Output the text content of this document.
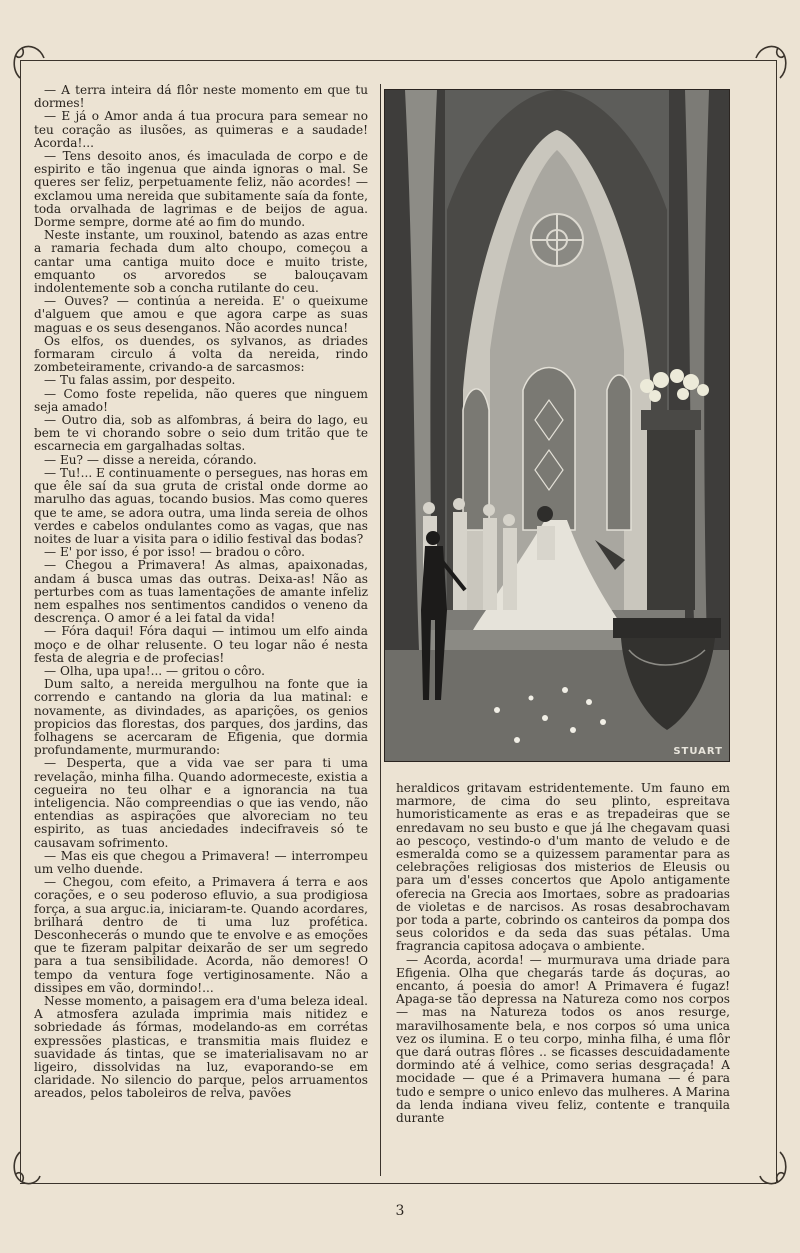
— A terra inteira dá flôr neste momento em que tu dormes!

— E já o Amor anda á tua procura para semear no teu coração as ilusões, as quimeras e a saudade! Acorda!...

— Tens desoito anos, és imaculada de corpo e de espirito e tão ingenua que ainda ignoras o mal. Se queres ser feliz, perpetuamente feliz, não acordes! — exclamou uma nereida que subitamente saía da fonte, toda orvalhada de lagrimas e de beijos de agua. Dorme sempre, dorme até ao fim do mundo.

Neste instante, um rouxinol, batendo as azas entre a ramaria fechada dum alto choupo, começou a cantar uma cantiga muito doce e muito triste, emquanto os arvoredos se balouçavam indolentemente sob a concha rutilante do ceu.

— Ouves? — continúa a nereida. E' o queixume d'alguem que amou e que agora carpe as suas maguas e os seus desenganos. Não acordes nunca!

Os elfos, os duendes, os sylvanos, as driades formaram circulo á volta da nereida, rindo zombeteiramente, crivando-a de sarcasmos:

— Tu falas assim, por despeito.

— Como foste repelida, não queres que ninguem seja amado!

— Outro dia, sob as alfombras, á beira do lago, eu bem te vi chorando sobre o seio dum tritão que te escarnecia em gargalhadas soltas.

— Eu? — disse a nereida, córando.

— Tu!... E continuamente o persegues, nas horas em que êle saí da sua gruta de cristal onde dorme ao marulho das aguas, tocando busios. Mas como queres que te ame, se adora outra, uma linda sereia de olhos verdes e cabelos ondulantes como as vagas, que nas noites de luar a visita para o idilio festival das bodas?

— E' por isso, é por isso! — bradou o côro.

— Chegou a Primavera! As almas, apaixonadas, andam á busca umas das outras. Deixa-as! Não as perturbes com as tuas lamentações de amante infeliz nem espalhes nos sentimentos candidos o veneno da descrença. O amor é a lei fatal da vida!

— Fóra daqui! Fóra daqui — intimou um elfo ainda moço e de olhar relusente. O teu logar não é nesta festa de alegria e de profecias!

— Olha, upa upa!... — gritou o côro.

Dum salto, a nereida mergulhou na fonte que ia correndo e cantando na gloria da lua matinal: e novamente, as divindades, as aparições, os genios propicios das florestas, dos parques, dos jardins, das folhagens se acercaram de Efigenia, que dormia profundamente, murmurando:

— Desperta, que a vida vae ser para ti uma revelação, minha filha. Quando adormeceste, existia a cegueira no teu olhar e a ignorancia na tua inteligencia. Não compreendias o que ias vendo, não entendias as aspirações que alvoreciam no teu espirito, as tuas anciedades indecifraveis só te causavam sofrimento.

— Mas eis que chegou a Primavera! — interrompeu um velho duende.

— Chegou, com efeito, a Primavera á terra e aos corações, e o seu poderoso efluvio, a sua prodigiosa força, a sua arguc.ia, iniciaram-te. Quando acordares, brilhará dentro de ti uma luz profética. Desconhecerás o mundo que te envolve e as emoções que te fizeram palpitar deixarão de ser um segredo para a tua sensibilidade. Acorda, não demores! O tempo da ventura foge vertiginosamente. Não a dissipes em vão, dormindo!...

Nesse momento, a paisagem era d'uma beleza ideal. A atmosfera azulada imprimia mais nitidez e sobriedade ás fórmas, modelando-as em corrétas expressões plasticas, e transmitia mais fluidez e suavidade ás tintas, que se imaterialisavam no ar ligeiro, dissolvidas na luz, evaporando-se em claridade. No silencio do parque, pelos arruamentos areados, pelos taboleiros de relva, pavões

STUART

heraldicos gritavam estridentemente. Um fauno em marmore, de cima do seu plinto, espreitava humoristicamente as eras e as trepadeiras que se enredavam no seu busto e que já lhe chegavam quasi ao pescoço, vestindo-o d'um manto de veludo e de esmeralda como se a quizessem paramentar para as celebrações religiosas dos misterios de Eleusis ou para um d'esses concertos que Apolo antigamente oferecia na Grecia aos Imortaes, sobre as pradoarias de violetas e de narcisos. As rosas desabrochavam por toda a parte, cobrindo os canteiros da pompa dos seus coloridos e da seda das suas pétalas. Uma fragrancia capitosa adoçava o ambiente.

— Acorda, acorda! — murmurava uma driade para Efigenia. Olha que chegarás tarde ás doçuras, ao encanto, á poesia do amor! A Primavera é fugaz! Apaga-se tão depressa na Natureza como nos corpos — mas na Natureza todos os anos resurge, maravilhosamente bela, e nos corpos só uma unica vez os ilumina. E o teu corpo, minha filha, é uma flôr que dará outras flôres .. se ficasses descuidadamente dormindo até á velhice, como serias desgraçada! A mocidade — que é a Primavera humana — é para tudo e sempre o unico enlevo das mulheres. A Marina da lenda indiana viveu feliz, contente e tranquila durante

3
